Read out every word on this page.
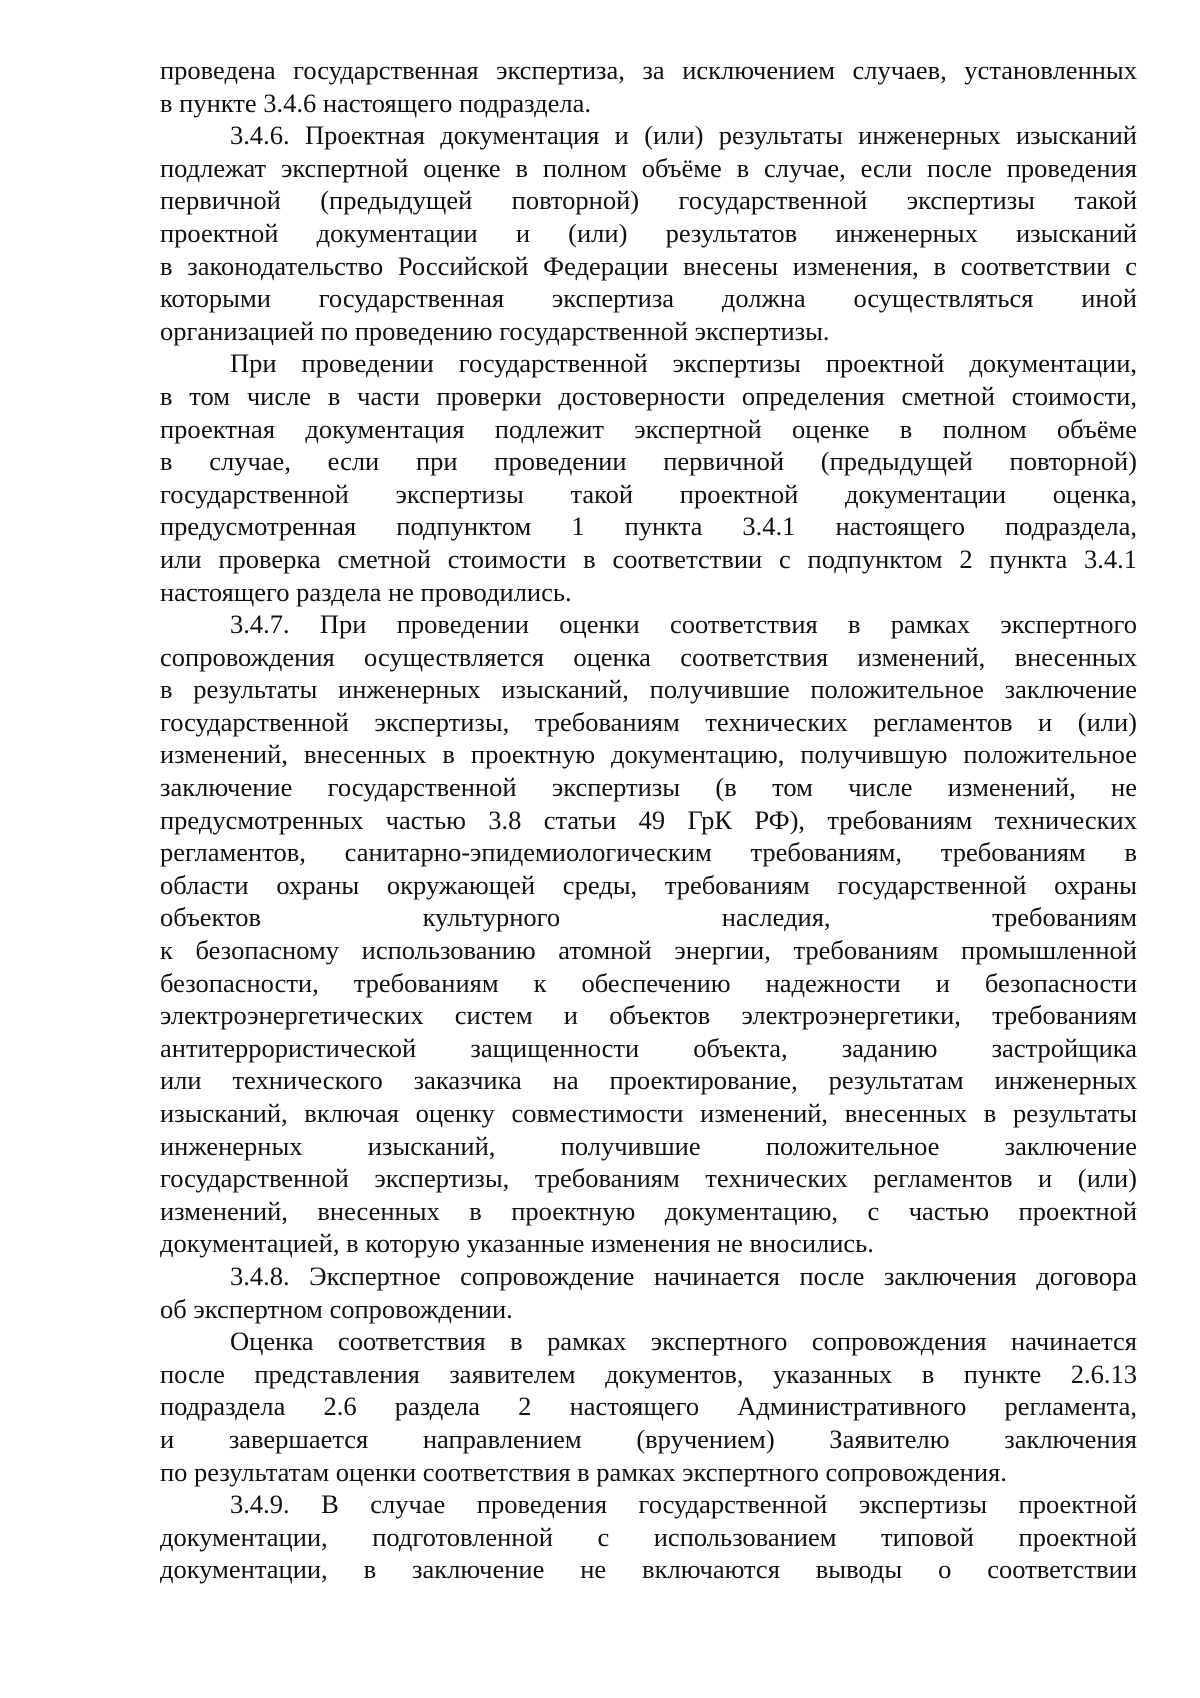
проведена государственная экспертиза, за исключением случаев, установленных
в пункте 3.4.6 настоящего подраздела.
3.4.6. Проектная документация и (или) результаты инженерных изысканий
подлежат экспертной оценке в полном объёме в случае, если после проведения
первичной (предыдущей повторной) государственной экспертизы такой
проектной документации и (или) результатов инженерных изысканий
в законодательство Российской Федерации внесены изменения, в соответствии с
которыми государственная экспертиза должна осуществляться иной
организацией по проведению государственной экспертизы.
При проведении государственной экспертизы проектной документации,
в том числе в части проверки достоверности определения сметной стоимости,
проектная документация подлежит экспертной оценке в полном объёме
в случае, если при проведении первичной (предыдущей повторной)
государственной экспертизы такой проектной документации оценка,
предусмотренная подпунктом 1 пункта 3.4.1 настоящего подраздела,
или проверка сметной стоимости в соответствии с подпунктом 2 пункта 3.4.1
настоящего раздела не проводились.
3.4.7. При проведении оценки соответствия в рамках экспертного
сопровождения осуществляется оценка соответствия изменений, внесенных
в результаты инженерных изысканий, получившие положительное заключение
государственной экспертизы, требованиям технических регламентов и (или)
изменений, внесенных в проектную документацию, получившую положительное
заключение государственной экспертизы (в том числе изменений, не
предусмотренных частью 3.8 статьи 49 ГрК РФ), требованиям технических
регламентов, санитарно-эпидемиологическим требованиям, требованиям в
области охраны окружающей среды, требованиям государственной охраны
объектов культурного наследия, требованиям
к безопасному использованию атомной энергии, требованиям промышленной
безопасности, требованиям к обеспечению надежности и безопасности
электроэнергетических систем и объектов электроэнергетики, требованиям
антитеррористической защищенности объекта, заданию застройщика
или технического заказчика на проектирование, результатам инженерных
изысканий, включая оценку совместимости изменений, внесенных в результаты
инженерных изысканий, получившие положительное заключение
государственной экспертизы, требованиям технических регламентов и (или)
изменений, внесенных в проектную документацию, с частью проектной
документацией, в которую указанные изменения не вносились.
3.4.8. Экспертное сопровождение начинается после заключения договора
об экспертном сопровождении.
Оценка соответствия в рамках экспертного сопровождения начинается
после представления заявителем документов, указанных в пункте 2.6.13
подраздела 2.6 раздела 2 настоящего Административного регламента,
и завершается направлением (вручением) Заявителю заключения
по результатам оценки соответствия в рамках экспертного сопровождения.
3.4.9. В случае проведения государственной экспертизы проектной
документации, подготовленной с использованием типовой проектной
документации, в заключение не включаются выводы о соответствии
